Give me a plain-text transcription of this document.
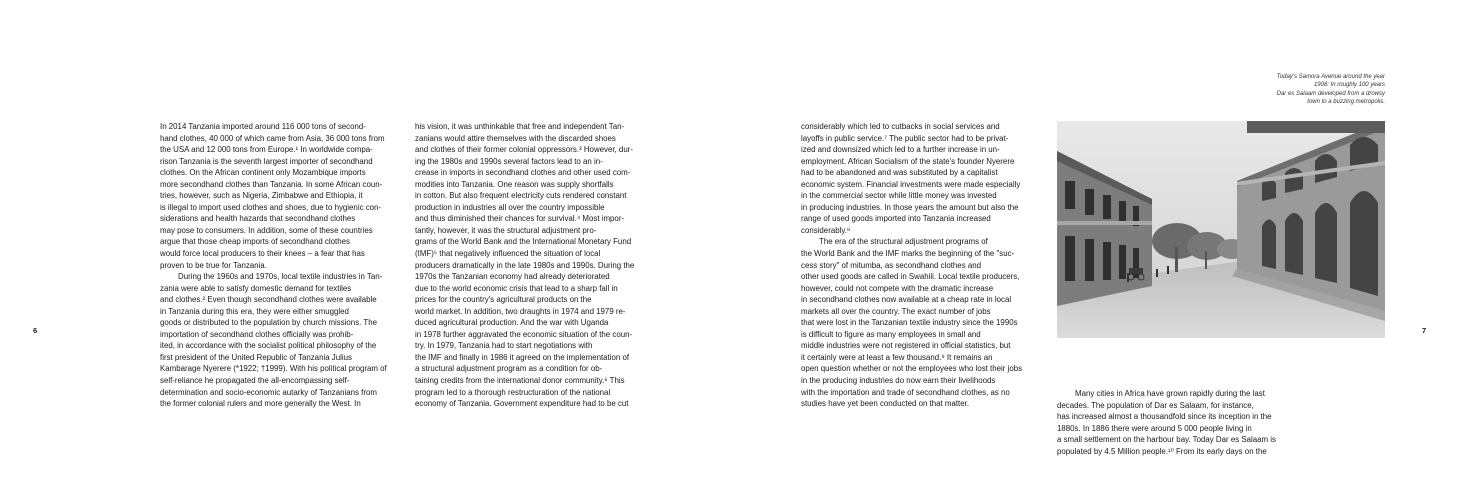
In 2014 Tanzania imported around 116 000 tons of second-
hand clothes, 40 000 of which came from Asia, 36 000 tons from
the USA and 12 000 tons from Europe.¹ In worldwide compa-
rison Tanzania is the seventh largest importer of secondhand
clothes. On the African continent only Mozambique imports
more secondhand clothes than Tanzania. In some African coun-
tries, however, such as Nigeria, Zimbabwe and Ethiopia, it
is illegal to import used clothes and shoes, due to hygienic con-
siderations and health hazards that secondhand clothes
may pose to consumers. In addition, some of these countries
argue that those cheap imports of secondhand clothes
would force local producers to their knees – a fear that has
proven to be true for Tanzania.
During the 1960s and 1970s, local textile industries in Tan-
zania were able to satisfy domestic demand for textiles
and clothes.² Even though secondhand clothes were available
in Tanzania during this era, they were either smuggled
goods or distributed to the population by church missions. The
importation of secondhand clothes officially was prohib-
ited, in accordance with the socialist political philosophy of the
first president of the United Republic of Tanzania Julius
Kambarage Nyerere (*1922; †1999). With his political program of
self-reliance he propagated the all-encompassing self-
determination and socio-economic autarky of Tanzanians from
the former colonial rulers and more generally the West. In
his vision, it was unthinkable that free and independent Tan-
zanians would attire themselves with the discarded shoes
and clothes of their former colonial oppressors.³ However, dur-
ing the 1980s and 1990s several factors lead to an in-
crease in imports in secondhand clothes and other used com-
modities into Tanzania. One reason was supply shortfalls
in cotton. But also frequent electricity cuts rendered constant
production in industries all over the country impossible
and thus diminished their chances for survival.⁴ Most impor-
tantly, however, it was the structural adjustment pro-
grams of the World Bank and the International Monetary Fund
(IMF)⁵ that negatively influenced the situation of local
producers dramatically in the late 1980s and 1990s. During the
1970s the Tanzanian economy had already deteriorated
due to the world economic crisis that lead to a sharp fall in
prices for the country's agricultural products on the
world market. In addition, two draughts in 1974 and 1979 re-
duced agricultural production. And the war with Uganda
in 1978 further aggravated the economic situation of the coun-
try. In 1979, Tanzania had to start negotiations with
the IMF and finally in 1986 it agreed on the implementation of
a structural adjustment program as a condition for ob-
taining credits from the international donor community.⁶ This
program led to a thorough restructuration of the national
economy of Tanzania. Government expenditure had to be cut
6
Today's Samora Avenue around the year
1908: In roughly 100 years
Dar es Salaam developed from a drowsy
town to a buzzing metropolis.
considerably which led to cutbacks in social services and
layoffs in public service.⁷ The public sector had to be privat-
ized and downsized which led to a further increase in un-
employment. African Socialism of the state's founder Nyerere
had to be abandoned and was substituted by a capitalist
economic system. Financial investments were made especially
in the commercial sector while little money was invested
in producing industries. In those years the amount but also the
range of used goods imported into Tanzania increased
considerably.⁸
The era of the structural adjustment programs of
the World Bank and the IMF marks the beginning of the "suc-
cess story" of mitumba, as secondhand clothes and
other used goods are called in Swahili. Local textile producers,
however, could not compete with the dramatic increase
in secondhand clothes now available at a cheap rate in local
markets all over the country. The exact number of jobs
that were lost in the Tanzanian textile industry since the 1990s
is difficult to figure as many employees in small and
middle industries were not registered in official statistics, but
it certainly were at least a few thousand.⁹ It remains an
open question whether or not the employees who lost their jobs
in the producing industries do now earn their livelihoods
with the importation and trade of secondhand clothes, as no
studies have yet been conducted on that matter.
Many cities in Africa have grown rapidly during the last
decades. The population of Dar es Salaam, for instance,
has increased almost a thousandfold since its inception in the
1880s. In 1886 there were around 5 000 people living in
a small settlement on the harbour bay. Today Dar es Salaam is
populated by 4.5 Million people.¹⁰ From its early days on the
7
